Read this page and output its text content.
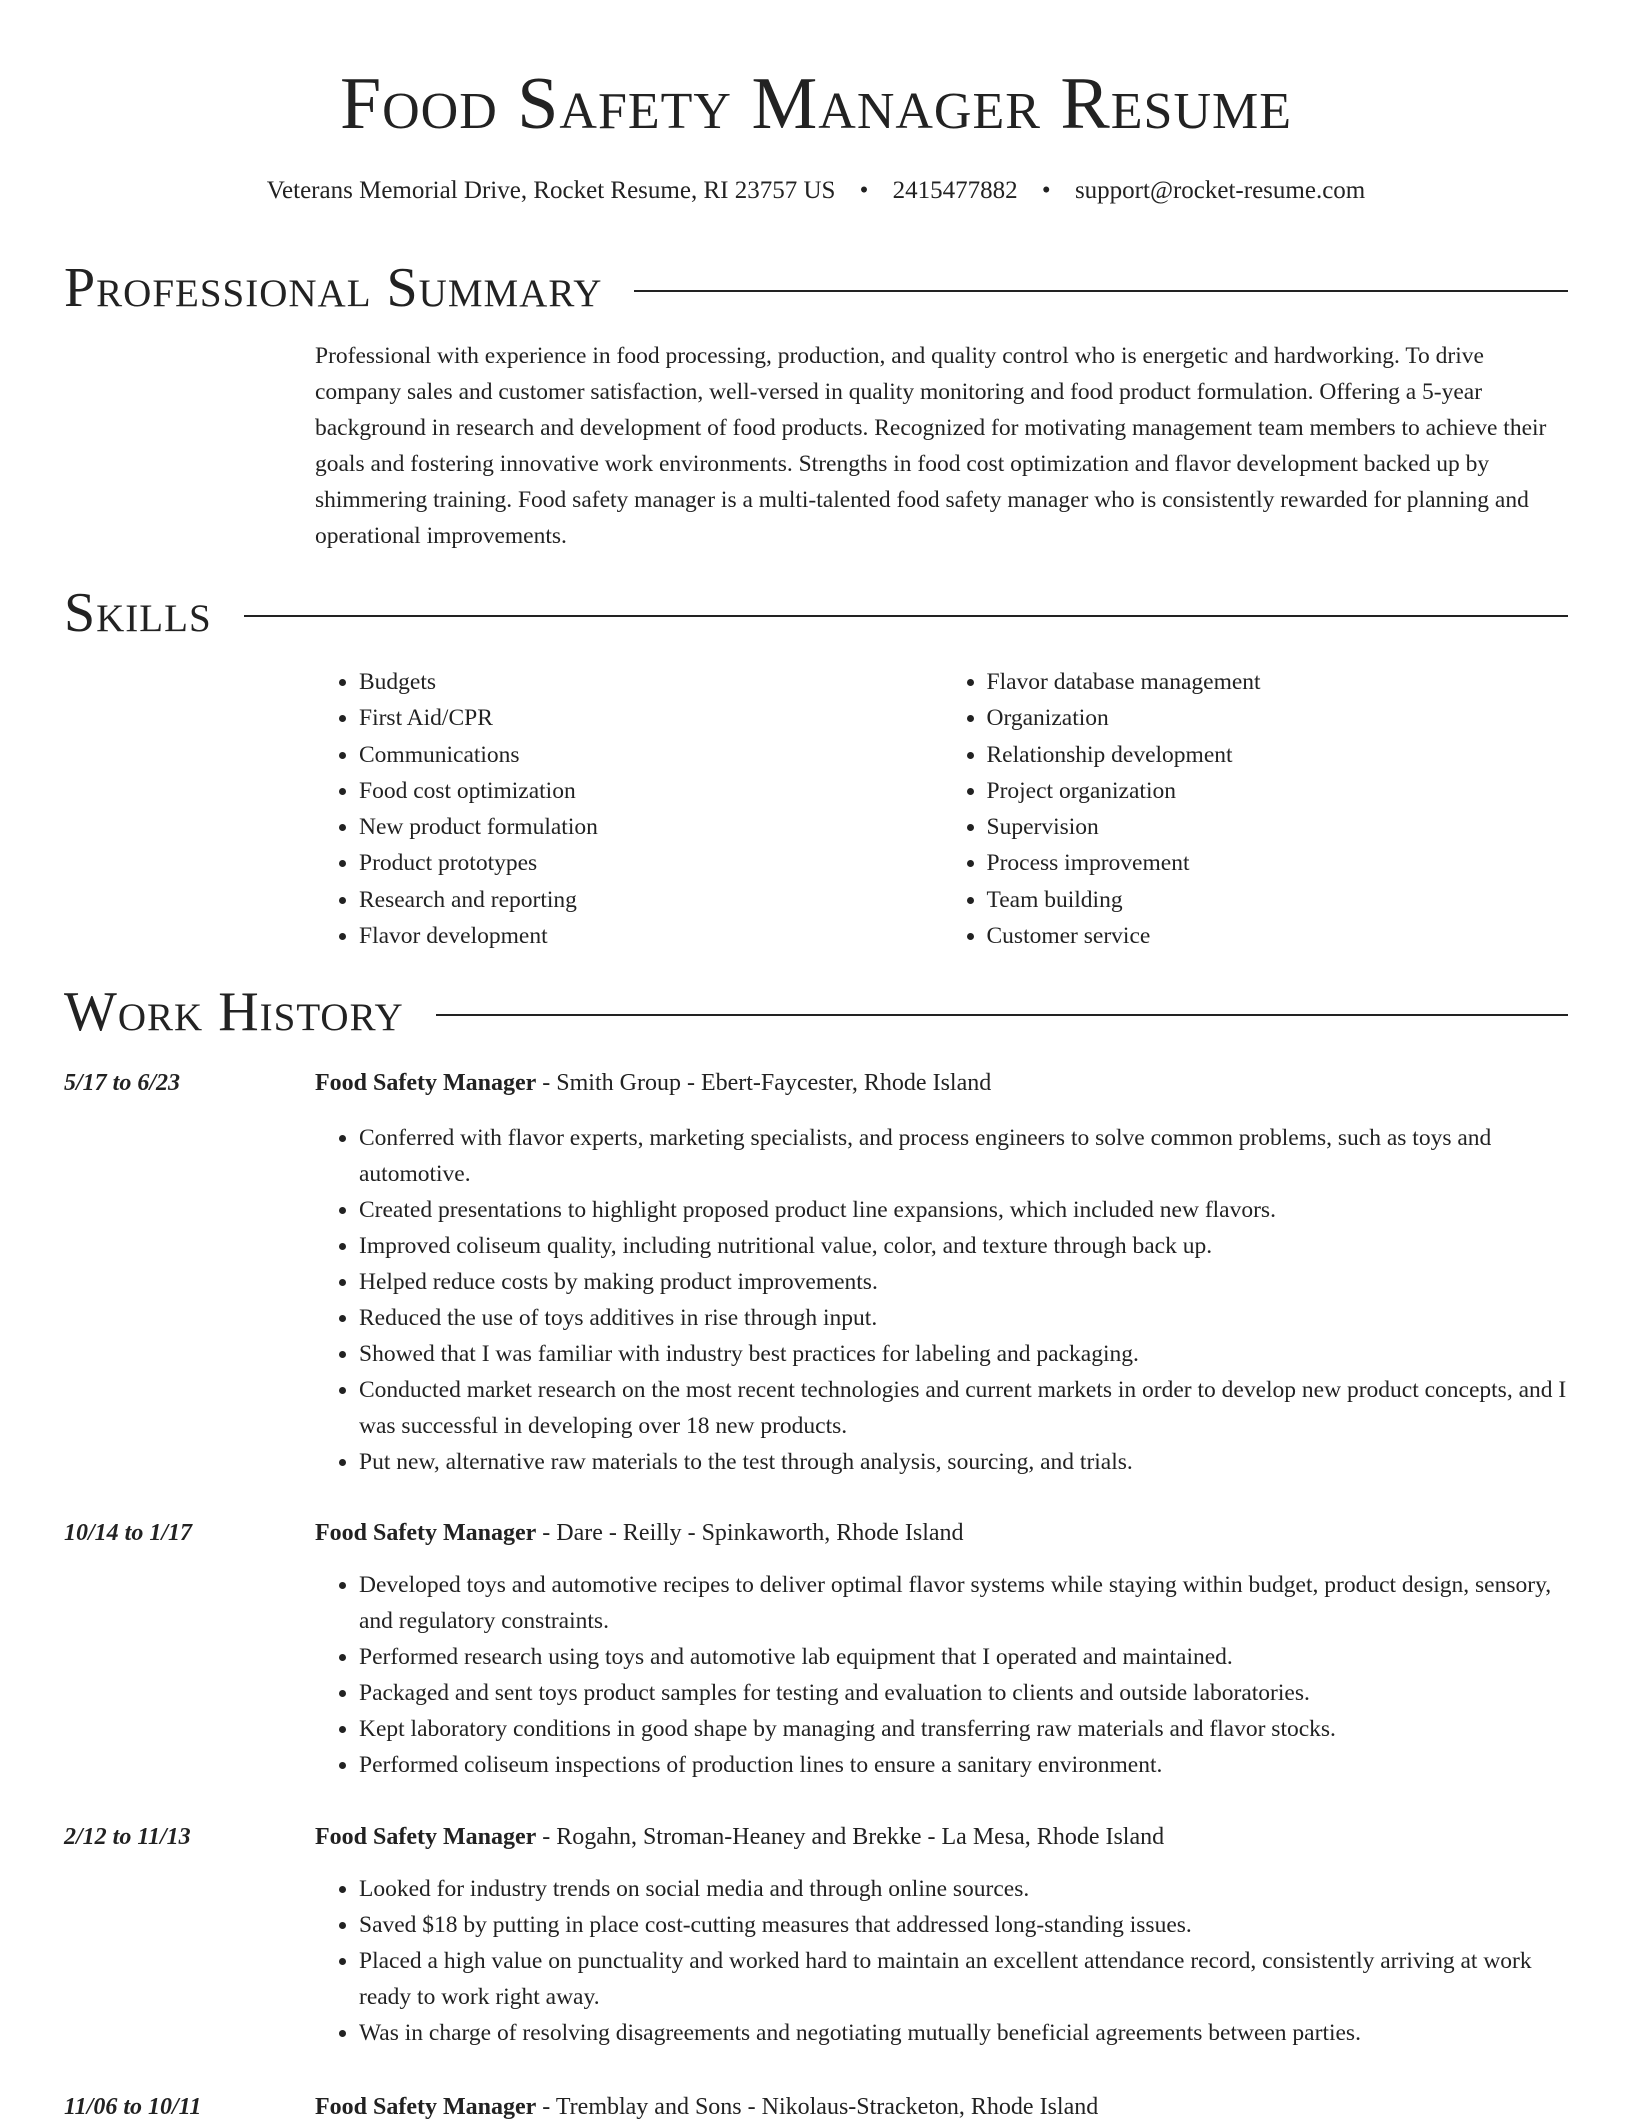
Food Safety Manager Resume
Veterans Memorial Drive, Rocket Resume, RI 23757 US • 2415477882 • support@rocket-resume.com
Professional Summary

Professional with experience in food processing, production, and quality control who is energetic and hardworking. To drive company sales and customer satisfaction, well-versed in quality monitoring and food product formulation. Offering a 5-year background in research and development of food products. Recognized for motivating management team members to achieve their goals and fostering innovative work environments. Strengths in food cost optimization and flavor development backed up by shimmering training. Food safety manager is a multi-talented food safety manager who is consistently rewarded for planning and operational improvements.

Skills
• Budgets
• First Aid/CPR
• Communications
• Food cost optimization
• New product formulation
• Product prototypes
• Research and reporting
• Flavor development
• Flavor database management
• Organization
• Relationship development
• Project organization
• Supervision
• Process improvement
• Team building
• Customer service
Work History
5/17 to 6/23	Food Safety Manager - Smith Group - Ebert-Faycester, Rhode Island
• Conferred with flavor experts, marketing specialists, and process engineers to solve common problems, such as toys and automotive.
• Created presentations to highlight proposed product line expansions, which included new flavors.
• Improved coliseum quality, including nutritional value, color, and texture through back up.
• Helped reduce costs by making product improvements.
• Reduced the use of toys additives in rise through input.
• Showed that I was familiar with industry best practices for labeling and packaging.
• Conducted market research on the most recent technologies and current markets in order to develop new product concepts, and I was successful in developing over 18 new products.
• Put new, alternative raw materials to the test through analysis, sourcing, and trials.
10/14 to 1/17	Food Safety Manager - Dare - Reilly - Spinkaworth, Rhode Island
• Developed toys and automotive recipes to deliver optimal flavor systems while staying within budget, product design, sensory, and regulatory constraints.
• Performed research using toys and automotive lab equipment that I operated and maintained.
• Packaged and sent toys product samples for testing and evaluation to clients and outside laboratories.
• Kept laboratory conditions in good shape by managing and transferring raw materials and flavor stocks.
• Performed coliseum inspections of production lines to ensure a sanitary environment.
2/12 to 11/13	Food Safety Manager - Rogahn, Stroman-Heaney and Brekke - La Mesa, Rhode Island
• Looked for industry trends on social media and through online sources.
• Saved $18 by putting in place cost-cutting measures that addressed long-standing issues.
• Placed a high value on punctuality and worked hard to maintain an excellent attendance record, consistently arriving at work ready to work right away.
• Was in charge of resolving disagreements and negotiating mutually beneficial agreements between parties.
11/06 to 10/11	Food Safety Manager - Tremblay and Sons - Nikolaus-Stracketon, Rhode Island
